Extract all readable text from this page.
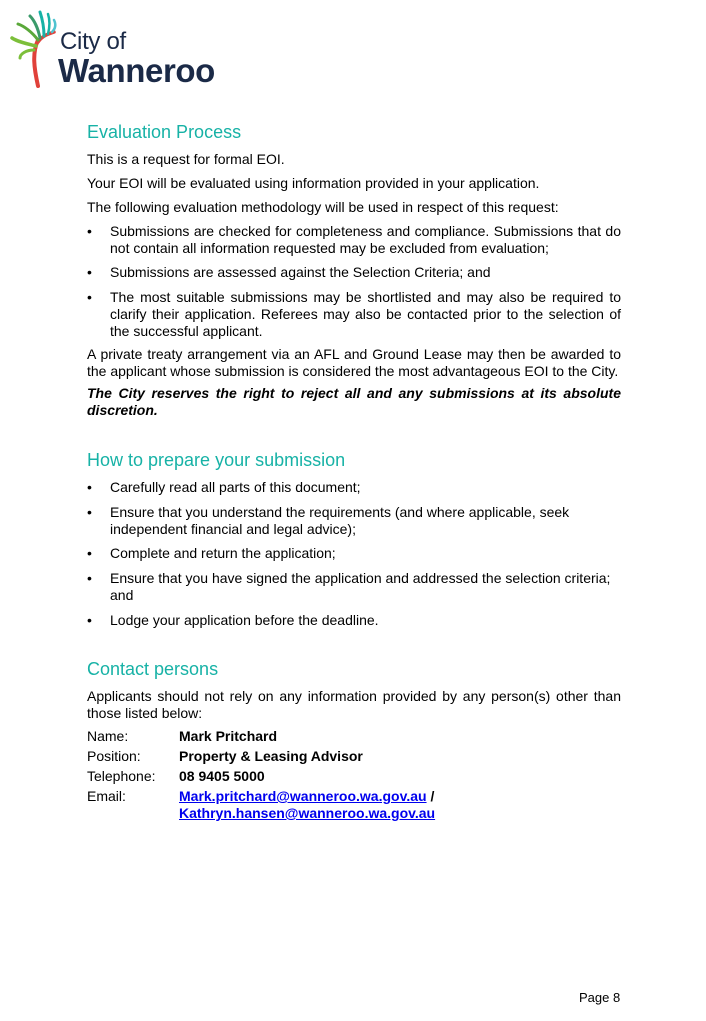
City of
Wanneroo
Evaluation Process

This is a request for formal EOI.

Your EOI will be evaluated using information provided in your application.

The following evaluation methodology will be used in respect of this request:

•	Submissions are checked for completeness and compliance. Submissions that do not contain all information requested may be excluded from evaluation;
•	Submissions are assessed against the Selection Criteria; and
•	The most suitable submissions may be shortlisted and may also be required to clarify their application. Referees may also be contacted prior to the selection of the successful applicant.

A private treaty arrangement via an AFL and Ground Lease may then be awarded to the applicant whose submission is considered the most advantageous EOI to the City.

The City reserves the right to reject all and any submissions at its absolute discretion.

How to prepare your submission
•	Carefully read all parts of this document;
•	Ensure that you understand the requirements (and where applicable, seek independent financial and legal advice);
•	Complete and return the application;
•	Ensure that you have signed the application and addressed the selection criteria; and
•	Lodge your application before the deadline.
Contact persons

Applicants should not rely on any information provided by any person(s) other than those listed below:

Name:	Mark Pritchard
Position:	Property & Leasing Advisor
Telephone:	08 9405 5000
Email:	Mark.pritchard@wanneroo.wa.gov.au /
Kathryn.hansen@wanneroo.wa.gov.au
Page 8
